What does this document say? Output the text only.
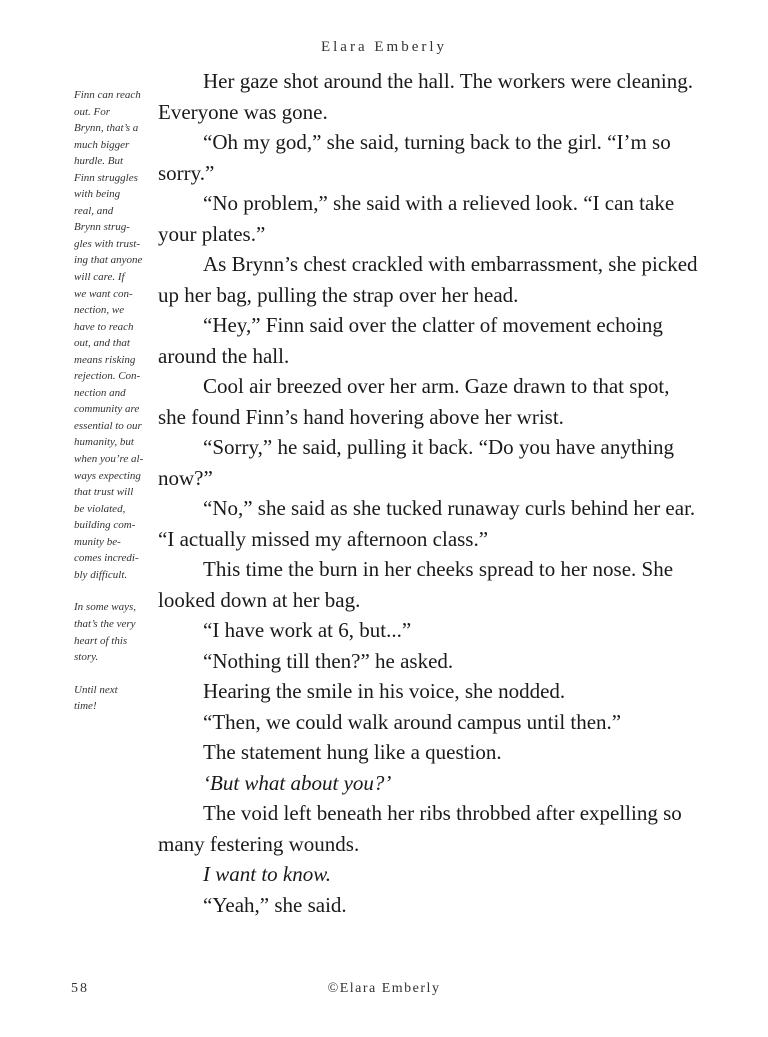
Elara Emberly

Finn can reach
out. For
Brynn, that’s a
much bigger
hurdle. But
Finn struggles
with being
real, and
Brynn strug-
gles with trust-
ing that anyone
will care. If
we want con-
nection, we
have to reach
out, and that
means risking
rejection. Con-
nection and
community are
essential to our
humanity, but
when you’re al-
ways expecting
that trust will
be violated,
building com-
munity be-
comes incredi-
bly difficult.

In some ways,
that’s the very
heart of this
story.

Until next
time!

Her gaze shot around the hall. The workers were cleaning. Everyone was gone.

“Oh my god,” she said, turning back to the girl. “I’m so sorry.”

“No problem,” she said with a relieved look. “I can take your plates.”

As Brynn’s chest crackled with embarrassment, she picked up her bag, pulling the strap over her head.

“Hey,” Finn said over the clatter of movement echoing around the hall.

Cool air breezed over her arm. Gaze drawn to that spot, she found Finn’s hand hovering above her wrist.

“Sorry,” he said, pulling it back. “Do you have anything now?”

“No,” she said as she tucked runaway curls behind her ear. “I actually missed my afternoon class.”

This time the burn in her cheeks spread to her nose. She looked down at her bag.

“I have work at 6, but...”

“Nothing till then?” he asked.

Hearing the smile in his voice, she nodded.

“Then, we could walk around campus until then.”

The statement hung like a question.

‘But what about you?’

The void left beneath her ribs throbbed after expelling so many festering wounds.

I want to know.

“Yeah,” she said.

58	©Elara Emberly
